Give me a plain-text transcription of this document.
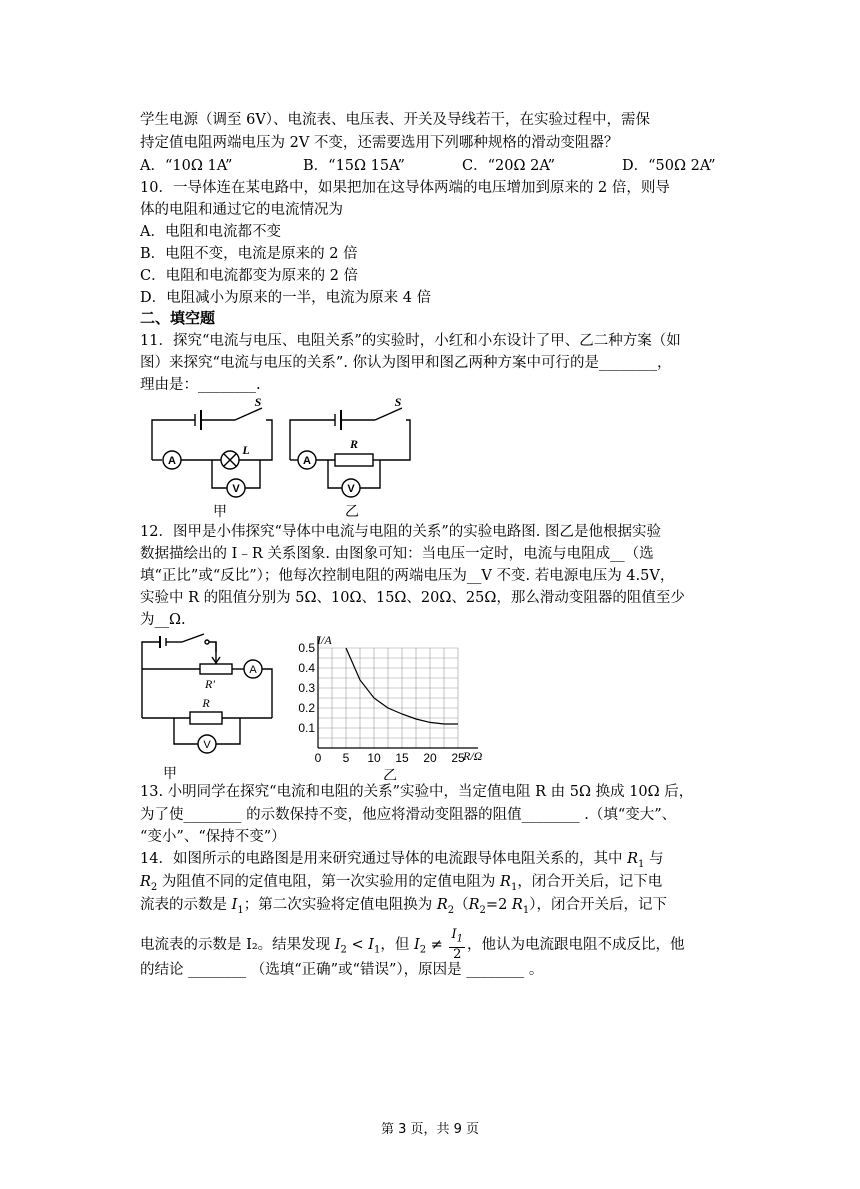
学生电源（调至 6V）、电流表、电压表、开关及导线若干，在实验过程中，需保
持定值电阻两端电压为 2V 不变，还需要选用下列哪种规格的滑动变阻器？
A．“10Ω 1A”	B．“15Ω 15A”	C．“20Ω 2A”	D．“50Ω 2A”
10．一导体连在某电路中，如果把加在这导体两端的电压增加到原来的 2 倍，则导
体的电阻和通过它的电流情况为
A．电阻和电流都不变
B．电阻不变，电流是原来的 2 倍
C．电阻和电流都变为原来的 2 倍
D．电阻减小为原来的一半，电流为原来 4 倍
二、填空题
11．探究“电流与电压、电阻关系”的实验时，小红和小东设计了甲、乙二种方案（如
图）来探究“电流与电压的关系”. 你认为图甲和图乙两种方案中可行的是________，
理由是：________.
A
V
A
V
S	S
L	R
甲	乙
12．图甲是小伟探究“导体中电流与电阻的关系”的实验电路图. 图乙是他根据实验
数据描绘出的 I﹣R 关系图象. 由图象可知：当电压一定时，电流与电阻成__（选
填“正比”或“反比”）；他每次控制电阻的两端电压为__V 不变. 若电源电压为 4.5V，
实验中 R 的阻值分别为 5Ω、10Ω、15Ω、20Ω、25Ω，那么滑动变阻器的阻值至少
为__Ω.
A
V
R'
R
甲
0 5 10 15 20 25
0.1
0.2
0.3
0.4
0.5
I/A
R/Ω
乙
13. 小明同学在探究“电流和电阻的关系”实验中，当定值电阻 R 由 5Ω 换成 10Ω 后，
为了使________ 的示数保持不变，他应将滑动变阻器的阻值________ .（填“变大”、
“变小”、“保持不变”）
14．如图所示的电路图是用来研究通过导体的电流跟导体电阻关系的，其中 $R_1$ 与
$R_2$ 为阻值不同的定值电阻，第一次实验用的定值电阻为 $R_1$，闭合开关后，记下电
流表的示数是 $I_1$；第二次实验将定值电阻换为 $R_2(R_2=2$ $R_1$），闭合开关后，记下
电流表的示数是 I₂。结果发现 $I_2 < I_1$，但 $I_2 \ne \frac{I_1}{2}$ ，他认为电流跟电阻不成反比，他
的结论 ________ （选填“正确”或“错误”），原因是 ________ 。
第 3 页，共 9 页
